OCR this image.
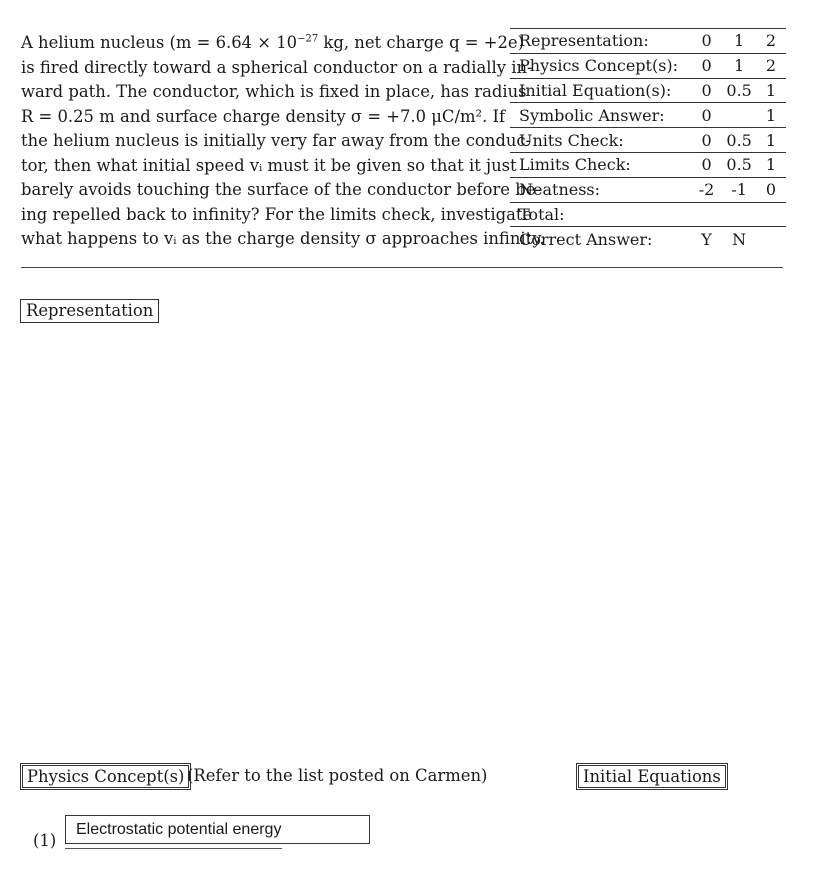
A helium nucleus ($m = 6.64 \times 10^{-27}$ kg, net charge q = +2e)
is fired directly toward a spherical conductor on a radially in-
ward path. The conductor, which is fixed in place, has radius
R = 0.25 m and surface charge density σ = +7.0 μC/m². If
the helium nucleus is initially very far away from the conduc-
tor, then what initial speed vᵢ must it be given so that it just
barely avoids touching the surface of the conductor before be-
ing repelled back to infinity? For the limits check, investigate
what happens to vᵢ as the charge density σ approaches infinity.
Representation:	0	1	2
Physics Concept(s):	0	1	2
Initial Equation(s):	0	0.5	1
Symbolic Answer:	0		1
Units Check:	0	0.5	1
Limits Check:	0	0.5	1
Neatness:	-2	-1	0
Total:			
Correct Answer:	Y	N	
Representation
Physics Concept(s) (Refer to the list posted on Carmen)	Initial Equations
(1)
Electrostatic potential energy
